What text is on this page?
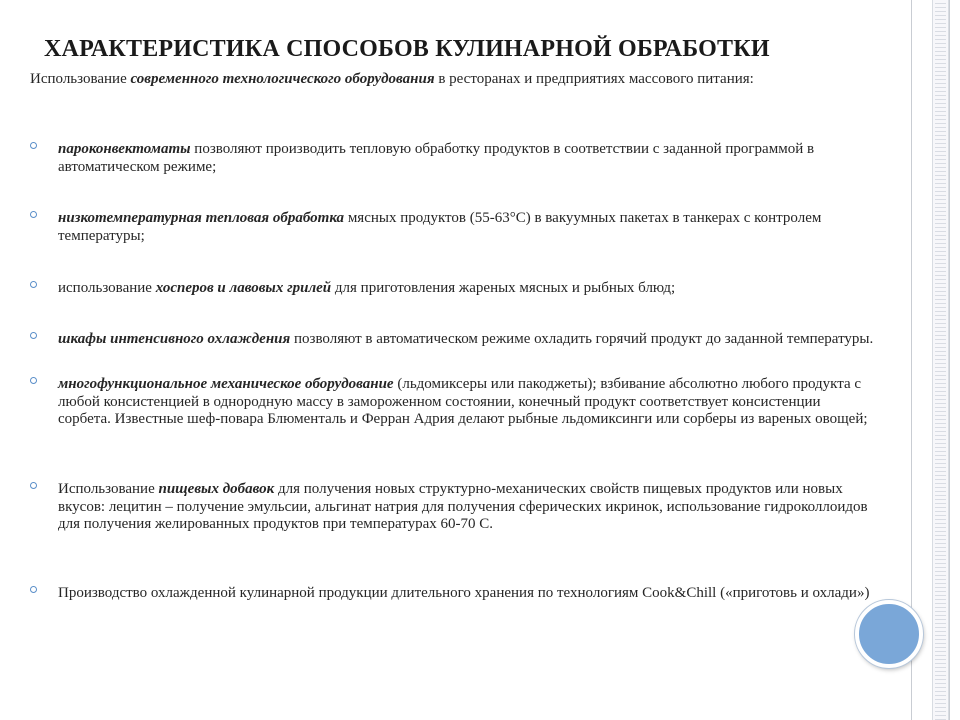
ХАРАКТЕРИСТИКА СПОСОБОВ КУЛИНАРНОЙ ОБРАБОТКИ
Использование современного технологического оборудования в ресторанах и предприятиях массового питания:
пароконвектоматы позволяют производить тепловую обработку продуктов в соответствии с заданной программой в автоматическом режиме;
низкотемпературная тепловая обработка мясных продуктов (55-63°С) в вакуумных пакетах в танкерах с контролем температуры;
использование хосперов и лавовых грилей для приготовления жареных мясных и рыбных блюд;
шкафы интенсивного охлаждения позволяют в автоматическом режиме охладить горячий продукт до заданной температуры.
многофункциональное механическое оборудование (льдомиксеры или пакоджеты); взбивание абсолютно любого продукта с любой консистенцией в однородную массу в замороженном состоянии, конечный продукт соответствует консистенции сорбета. Известные шеф-повара Блюменталь и Ферран Адрия делают рыбные льдомиксинги или сорберы из вареных овощей;
Использование пищевых добавок для получения новых структурно-механических свойств пищевых продуктов или новых вкусов: лецитин – получение эмульсии, альгинат натрия для получения сферических икринок, использование гидроколлоидов для получения желированных продуктов при температурах 60-70 С.
Производство охлажденной кулинарной продукции длительного хранения по технологиям Cook&Chill («приготовь и охлади»)
